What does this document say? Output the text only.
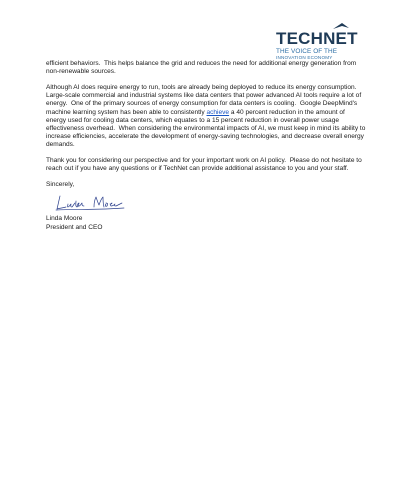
TECHNET
THE VOICE OF THE
INNOVATION ECONOMY

efficient behaviors.  This helps balance the grid and reduces the need for additional energy generation from non-renewable sources.

Although AI does require energy to run, tools are already being deployed to reduce its energy consumption.  Large-scale commercial and industrial systems like data centers that power advanced AI tools require a lot of energy.  One of the primary sources of energy consumption for data centers is cooling.  Google DeepMind's machine learning system has been able to consistently achieve a 40 percent reduction in the amount of energy used for cooling data centers, which equates to a 15 percent reduction in overall power usage effectiveness overhead.  When considering the environmental impacts of AI, we must keep in mind its ability to increase efficiencies, accelerate the development of energy-saving technologies, and decrease overall energy demands.

Thank you for considering our perspective and for your important work on AI policy.  Please do not hesitate to reach out if you have any questions or if TechNet can provide additional assistance to you and your staff.

Sincerely,

Linda Moore

President and CEO
